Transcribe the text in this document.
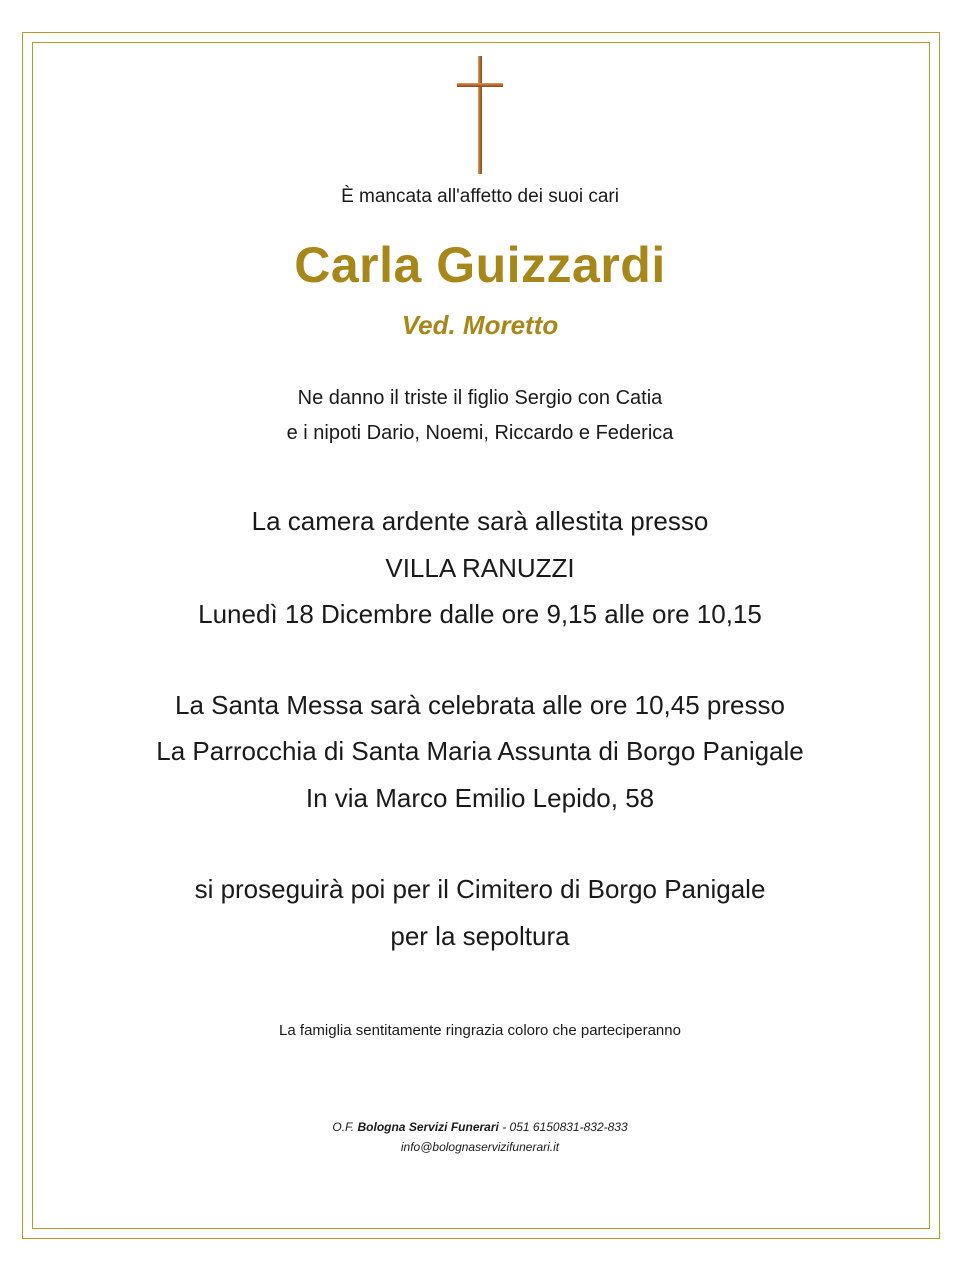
È mancata all'affetto dei suoi cari
Carla Guizzardi
Ved. Moretto
Ne danno il triste il figlio Sergio con Catia
e i nipoti Dario, Noemi, Riccardo e Federica
La camera ardente sarà allestita presso
VILLA RANUZZI
Lunedì 18 Dicembre dalle ore 9,15 alle ore 10,15
La Santa Messa sarà celebrata alle ore 10,45 presso
La Parrocchia di Santa Maria Assunta di Borgo Panigale
In via Marco Emilio Lepido, 58
si proseguirà poi per il Cimitero di Borgo Panigale
per la sepoltura
La famiglia sentitamente ringrazia coloro che parteciperanno
O.F. Bologna Servizi Funerari - 051 6150831-832-833
info@bolognaservizifunerari.it
